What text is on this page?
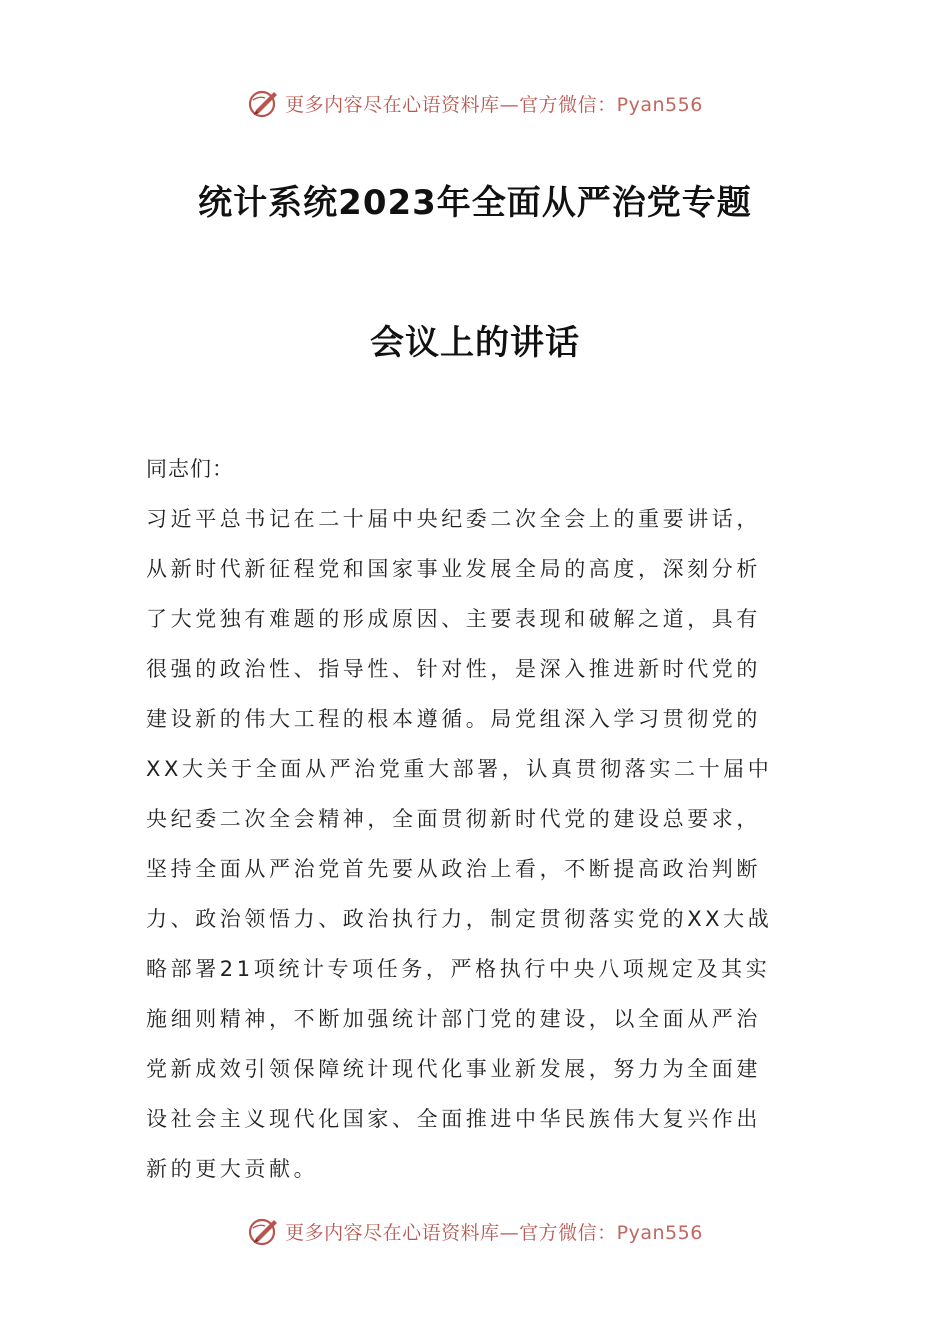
更多内容尽在心语资料库—官方微信：Pyan556
统计系统2023年全面从严治党专题
会议上的讲话
同志们：
习近平总书记在二十届中央纪委二次全会上的重要讲话，
从新时代新征程党和国家事业发展全局的高度，深刻分析
了大党独有难题的形成原因、主要表现和破解之道，具有
很强的政治性、指导性、针对性，是深入推进新时代党的
建设新的伟大工程的根本遵循。局党组深入学习贯彻党的
XX大关于全面从严治党重大部署，认真贯彻落实二十届中
央纪委二次全会精神，全面贯彻新时代党的建设总要求，
坚持全面从严治党首先要从政治上看，不断提高政治判断
力、政治领悟力、政治执行力，制定贯彻落实党的XX大战
略部署21项统计专项任务，严格执行中央八项规定及其实
施细则精神，不断加强统计部门党的建设，以全面从严治
党新成效引领保障统计现代化事业新发展，努力为全面建
设社会主义现代化国家、全面推进中华民族伟大复兴作出
新的更大贡献。
更多内容尽在心语资料库—官方微信：Pyan556
